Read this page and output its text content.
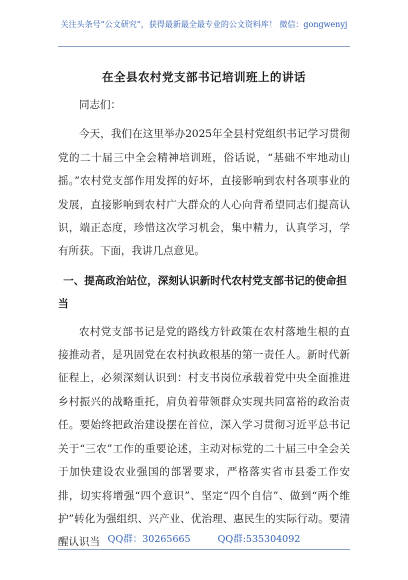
关注头条号“公文研究”，获得最新最全最专业的公文资料库！ 微信：gongwenyj
在全县农村党支部书记培训班上的讲话

同志们：

今天，我们在这里举办2025年全县村党组织书记学习贯彻党的二十届三中全会精神培训班，俗话说，“基础不牢地动山摇。”农村党支部作用发挥的好坏，直接影响到农村各项事业的发展，直接影响到农村广大群众的人心向背希望同志们提高认识，端正态度，珍惜这次学习机会，集中精力，认真学习，学有所获。下面，我讲几点意见。

一、提高政治站位，深刻认识新时代农村党支部书记的使命担当

农村党支部书记是党的路线方针政策在农村落地生根的直接推动者，是巩固党在农村执政根基的第一责任人。新时代新征程上，必须深刻认识到：村支书岗位承载着党中央全面推进乡村振兴的战略重托，肩负着带领群众实现共同富裕的政治责任。要始终把政治建设摆在首位，深入学习贯彻习近平总书记关于“三农”工作的重要论述，主动对标党的二十届三中全会关于加快建设农业强国的部署要求，严格落实省市县委工作安排，切实将增强“四个意识”、坚定“四个自信”、做到“两个维护”转化为强组织、兴产业、优治理、惠民生的实际行动。要清醒认识当 QQ群：30265665	QQ群:535304092
